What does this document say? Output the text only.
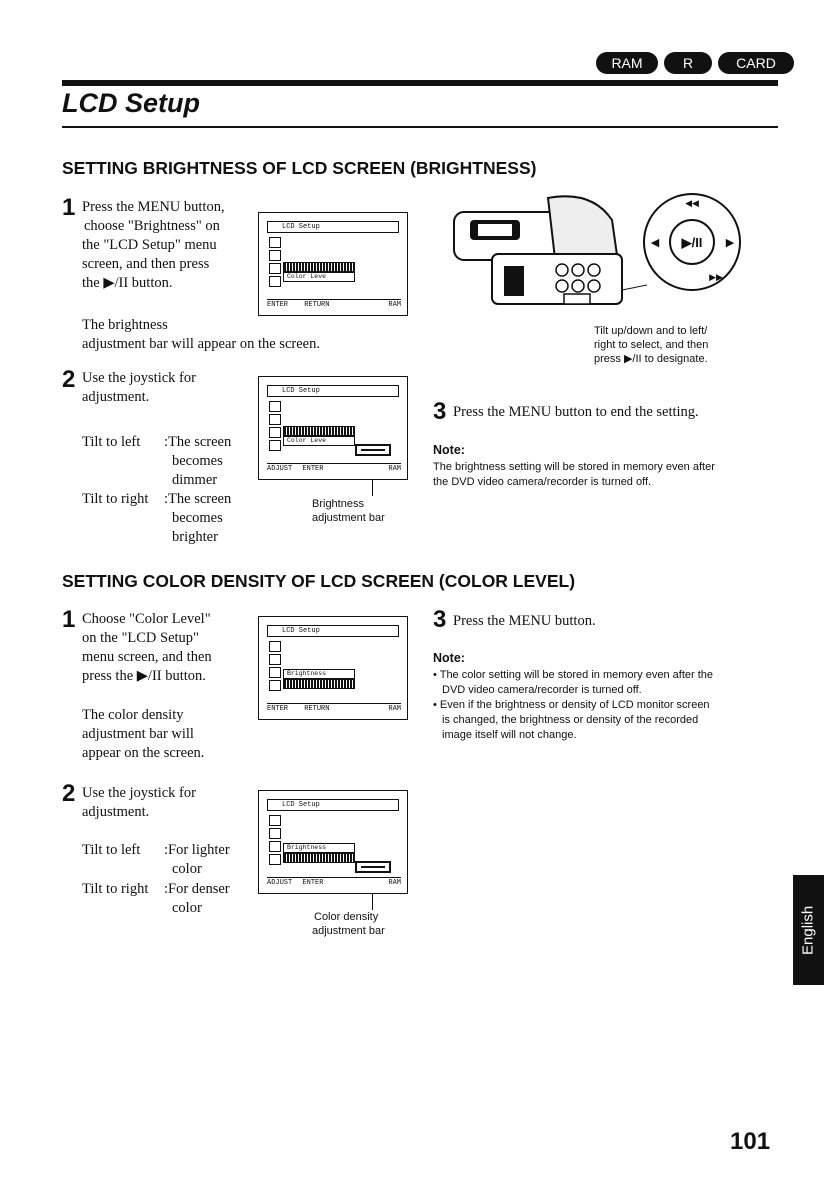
RAM	R	CARD
LCD Setup
SETTING BRIGHTNESS OF LCD SCREEN (BRIGHTNESS)
1 Press the MENU button,
choose "Brightness" on
the "LCD Setup" menu
screen, and then press
the ▶/II button.
The brightness
adjustment bar will appear on the screen.
LCD Setup
Color Leve
ENTER RETURN	RAM
2 Use the joystick for
adjustment.
Tilt to left :The screen
becomes
dimmer
Tilt to right :The screen
becomes
brighter
LCD Setup
Color Leve
ADJUST ENTER	RAM
Brightness
adjustment bar
▶/II
◀◀
▶▶
◀	▶
Tilt up/down and to left/
right to select, and then
press ▶/II to designate.
3 Press the MENU button to end the setting.
Note:
The brightness setting will be stored in memory even after
the DVD video camera/recorder is turned off.
SETTING COLOR DENSITY OF LCD SCREEN (COLOR LEVEL)
1 Choose "Color Level"
on the "LCD Setup"
menu screen, and then
press the ▶/II button.
The color density
adjustment bar will
appear on the screen.
LCD Setup
Brightness
ENTER RETURN	RAM
2 Use the joystick for
adjustment.
Tilt to left :For lighter
color
Tilt to right :For denser
color
LCD Setup
Brightness
ADJUST ENTER	RAM
Color density
adjustment bar
3 Press the MENU button.
Note:
• The color setting will be stored in memory even after the
DVD video camera/recorder is turned off.
• Even if the brightness or density of LCD monitor screen
is changed, the brightness or density of the recorded
image itself will not change.
English
101
